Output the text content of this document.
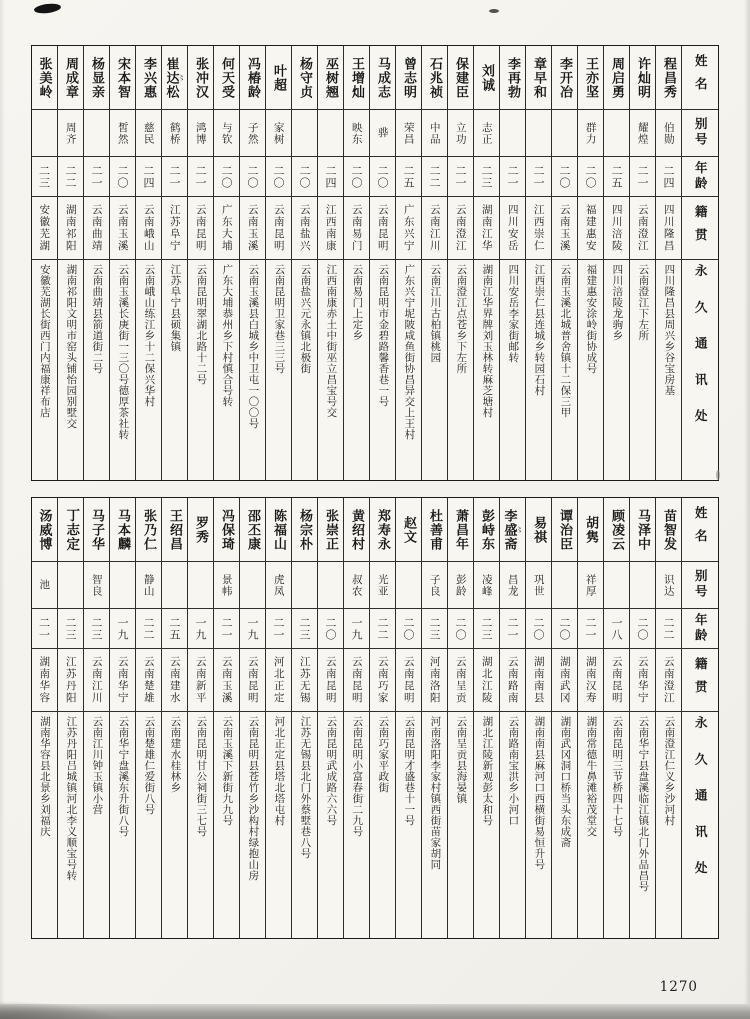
姓名
别号
年龄
籍贯
永久通讯处
程昌秀
伯勋
二四
四川隆昌
四川隆昌县周兴乡谷宝房基
许灿明
耀煌
二一
云南澄江
云南澄江下左所
周启勇
二五
四川涪陵
四川涪陵龙驹乡
王亦坚
群力
二〇
福建惠安
福建惠安涂岭街协成号
李开冶
二〇
云南玉溪
云南玉溪北城普舍镇十二保三甲
章早和
二一
江西崇仁
江西崇仁县连城乡转园石村
李再勃
二一
四川安岳
四川安岳李家街邮转
刘诚
志正
二三
湖南江华
湖南江华界牌刘玉林转麻芝塘村
保建臣
立功
二一
云南澄江
云南澄江点苍乡下左所
石兆祯
中品
二二
云南江川
云南江川古柏镇桃园
曾志明
荣昌
二五
广东兴宁
广东兴宁坭陂咸鱼街协昌异交上王村
马成志
骅
二〇
云南昆明
云南昆明市金碧路馨香巷一号
王增灿
映东
二〇
云南易门
云南易门上定乡
巫树翘
二四
江西南康
江西南康赤土中街巫立昌宝号交
杨守贞
二〇
云南盐兴
云南盐兴元永镇北极街
叶超
家树
二〇
云南昆明
云南昆明卫家巷三三号
冯椿龄
子然
二〇
云南玉溪
云南玉溪县白城乡中卫屯一〇〇号
何天受
与钦
二〇
广东大埔
广东大埔恭州乡下村慎合号转
张冲汉
鸿博
二一
云南昆明
云南昆明翠湖北路十二号
崔达松 〻
鹤桥
二一
江苏阜宁
江苏阜宁县硕集镇
李兴惠
慈民
二四
云南峨山
云南峨山练江乡十二保兴华村
宋本智
皙然
二〇
云南玉溪
云南玉溪长庚街一三〇号德厚茶社转
杨显亲
二一
云南曲靖
云南曲靖县箭道街二号
周成章
周齐
二二
湖南祁阳
湖南祁阳文明市窑头铺怡园别墅交
张美岭
二三
安徽芜湖
安徽芜湖长街西门内福康祥布店
姓名
别号
年龄
籍贯
永久通讯处
苗智发
识达
二二
云南澄江
云南澄江仁义乡沙河村
马泽中
二〇
云南华宁
云南华宁县盘溪临江镇北门外品昌号
顾凌云
一八
云南昆明
云南昆明三节桥四十七号
胡隽
祥厚
二一
湖南汉寿
湖南常德牛鼻滩裕茂堂交
谭治臣
二〇
湖南武冈
湖南武冈洞口桥当头东成斋
易祺
巩世
二〇
湖南南县
湖南南县麻河口西横街易恒升号
李盛斋 〻
昌龙
二一
云南路南
云南路南宝洪乡小河口
彭峙东
凌峰
二三
湖北江陵
湖北江陵新观彭太和号
萧昌年
彭龄
二〇
云南呈贡
云南呈贡县海晏镇
杜善甫
子良
二三
河南洛阳
河南洛阳李家村镇西街苗家胡同
赵文
二〇
云南昆明
云南昆明才盛巷十一号
郑寿永
光亚
二二
云南巧家
云南巧家平政街
黄绍村
叔农
一九
云南昆明
云南昆明小富春街二九号
张崇正
二〇
云南昆明
云南昆明武成路六六号
杨宗朴
二三
江苏无锡
江苏无锡县北门外蔡墅巷八号
陈福山
虎凤
二一
河北正定
河北正定县塔北塔屯村
邵丕康
一九
云南昆明
云南昆明县苍竹乡沙构村绿抱山房
冯保琦
景帏
二一
云南玉溪
云南玉溪下新街九九号
罗秀
一九
云南新平
云南昆明甘公祠街三七号
王绍昌
二五
云南建水
云南建水桂林乡
张乃仁
静山
二二
云南楚雄
云南楚雄仁爱街八号
马本麟
一九
云南华宁
云南华宁盘溪东升街八号
马子华
智良
二三
云南江川
云南江川钟玉镇小营
丁志定
二三
江苏丹阳
江苏丹阳吕城镇河北李义顺宝号转
汤威博
池
二一
湖南华容
湖南华容县北景乡刘福庆
1270
